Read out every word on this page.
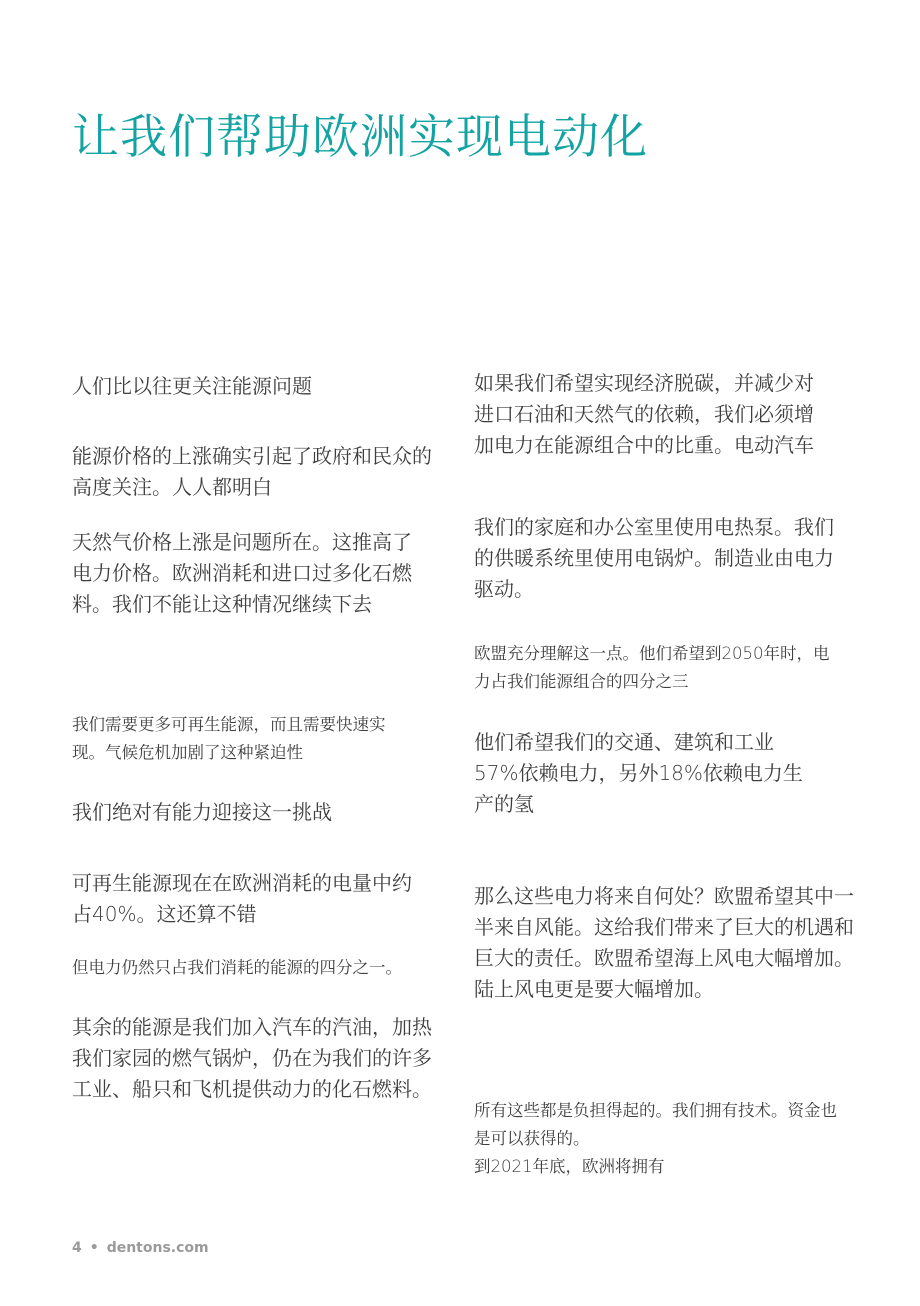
让我们帮助欧洲实现电动化

人们比以往更关注能源问题

能源价格的上涨确实引起了政府和民众的高度关注。人人都明白

天然气价格上涨是问题所在。这推高了电力价格。欧洲消耗和进口过多化石燃料。我们不能让这种情况继续下去

我们需要更多可再生能源，而且需要快速实现。气候危机加剧了这种紧迫性

我们绝对有能力迎接这一挑战

可再生能源现在在欧洲消耗的电量中约占40%。这还算不错

但电力仍然只占我们消耗的能源的四分之一。

其余的能源是我们加入汽车的汽油，加热我们家园的燃气锅炉，仍在为我们的许多工业、船只和飞机提供动力的化石燃料。

如果我们希望实现经济脱碳，并减少对进口石油和天然气的依赖，我们必须增加电力在能源组合中的比重。电动汽车

我们的家庭和办公室里使用电热泵。我们的供暖系统里使用电锅炉。制造业由电力驱动。

欧盟充分理解这一点。他们希望到2050年时，电力占我们能源组合的四分之三

他们希望我们的交通、建筑和工业57%依赖电力，另外18%依赖电力生产的氢

那么这些电力将来自何处？欧盟希望其中一半来自风能。这给我们带来了巨大的机遇和巨大的责任。欧盟希望海上风电大幅增加。陆上风电更是要大幅增加。

所有这些都是负担得起的。我们拥有技术。资金也是可以获得的。

到2021年底，欧洲将拥有

4 • dentons.com
